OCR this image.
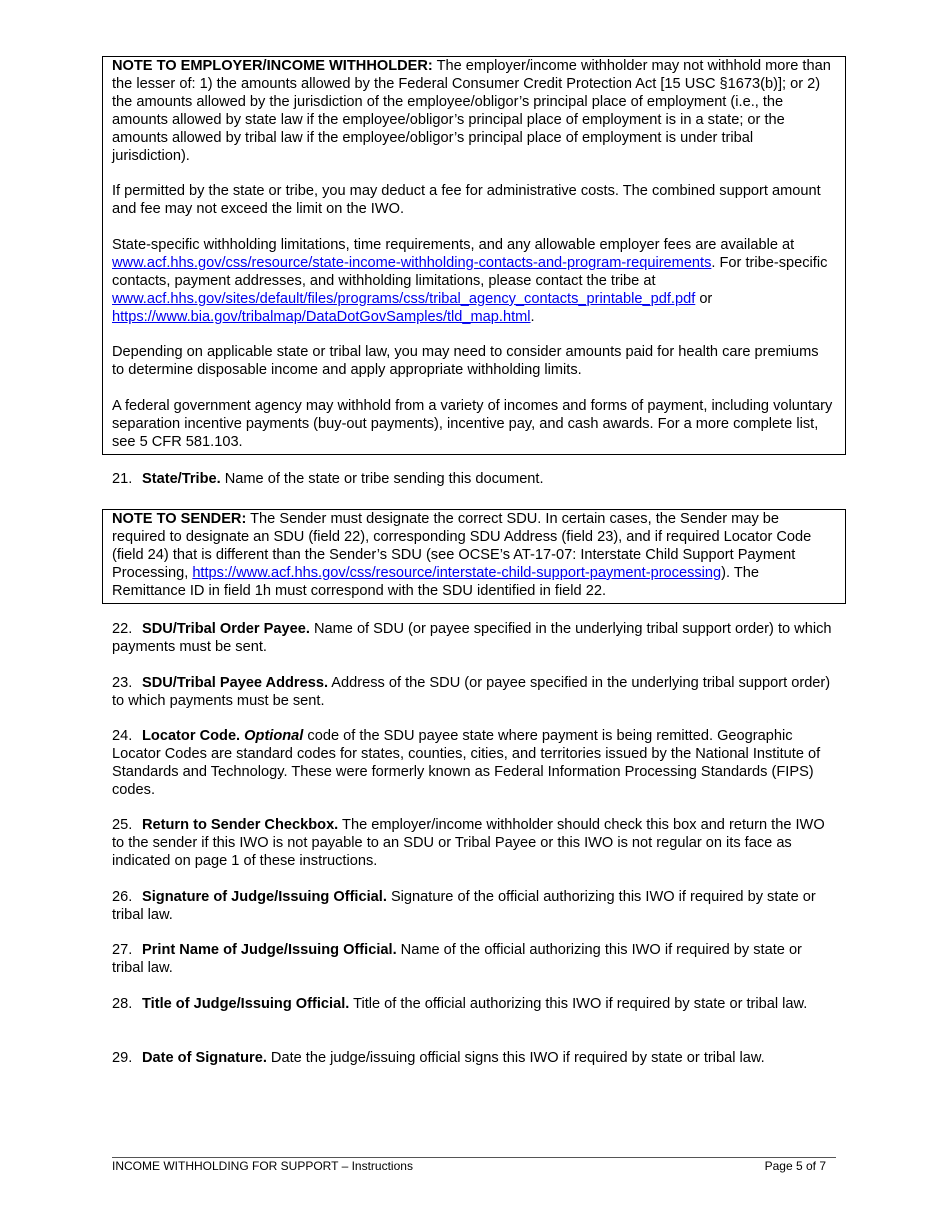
NOTE TO EMPLOYER/INCOME WITHHOLDER: The employer/income withholder may not withhold more than the lesser of: 1) the amounts allowed by the Federal Consumer Credit Protection Act [15 USC §1673(b)]; or 2) the amounts allowed by the jurisdiction of the employee/obligor’s principal place of employment (i.e., the amounts allowed by state law if the employee/obligor’s principal place of employment is in a state; or the amounts allowed by tribal law if the employee/obligor’s principal place of employment is under tribal jurisdiction).

If permitted by the state or tribe, you may deduct a fee for administrative costs. The combined support amount and fee may not exceed the limit on the IWO.

State-specific withholding limitations, time requirements, and any allowable employer fees are available at www.acf.hhs.gov/css/resource/state-income-withholding-contacts-and-program-requirements. For tribe-specific contacts, payment addresses, and withholding limitations, please contact the tribe at www.acf.hhs.gov/sites/default/files/programs/css/tribal_agency_contacts_printable_pdf.pdf or https://www.bia.gov/tribalmap/DataDotGovSamples/tld_map.html.

Depending on applicable state or tribal law, you may need to consider amounts paid for health care premiums to determine disposable income and apply appropriate withholding limits.

A federal government agency may withhold from a variety of incomes and forms of payment, including voluntary separation incentive payments (buy-out payments), incentive pay, and cash awards. For a more complete list, see 5 CFR 581.103.

21. State/Tribe. Name of the state or tribe sending this document.

NOTE TO SENDER: The Sender must designate the correct SDU. In certain cases, the Sender may be required to designate an SDU (field 22), corresponding SDU Address (field 23), and if required Locator Code (field 24) that is different than the Sender’s SDU (see OCSE’s AT-17-07: Interstate Child Support Payment Processing, https://www.acf.hhs.gov/css/resource/interstate-child-support-payment-processing). The Remittance ID in field 1h must correspond with the SDU identified in field 22.

22. SDU/Tribal Order Payee. Name of SDU (or payee specified in the underlying tribal support order) to which payments must be sent.
23. SDU/Tribal Payee Address. Address of the SDU (or payee specified in the underlying tribal support order) to which payments must be sent.
24. Locator Code. Optional code of the SDU payee state where payment is being remitted. Geographic Locator Codes are standard codes for states, counties, cities, and territories issued by the National Institute of Standards and Technology. These were formerly known as Federal Information Processing Standards (FIPS) codes.
25. Return to Sender Checkbox. The employer/income withholder should check this box and return the IWO to the sender if this IWO is not payable to an SDU or Tribal Payee or this IWO is not regular on its face as indicated on page 1 of these instructions.
26. Signature of Judge/Issuing Official. Signature of the official authorizing this IWO if required by state or tribal law.
27. Print Name of Judge/Issuing Official. Name of the official authorizing this IWO if required by state or tribal law.
28. Title of Judge/Issuing Official. Title of the official authorizing this IWO if required by state or tribal law.
29. Date of Signature. Date the judge/issuing official signs this IWO if required by state or tribal law.
INCOME WITHHOLDING FOR SUPPORT – Instructions	Page 5 of 7
